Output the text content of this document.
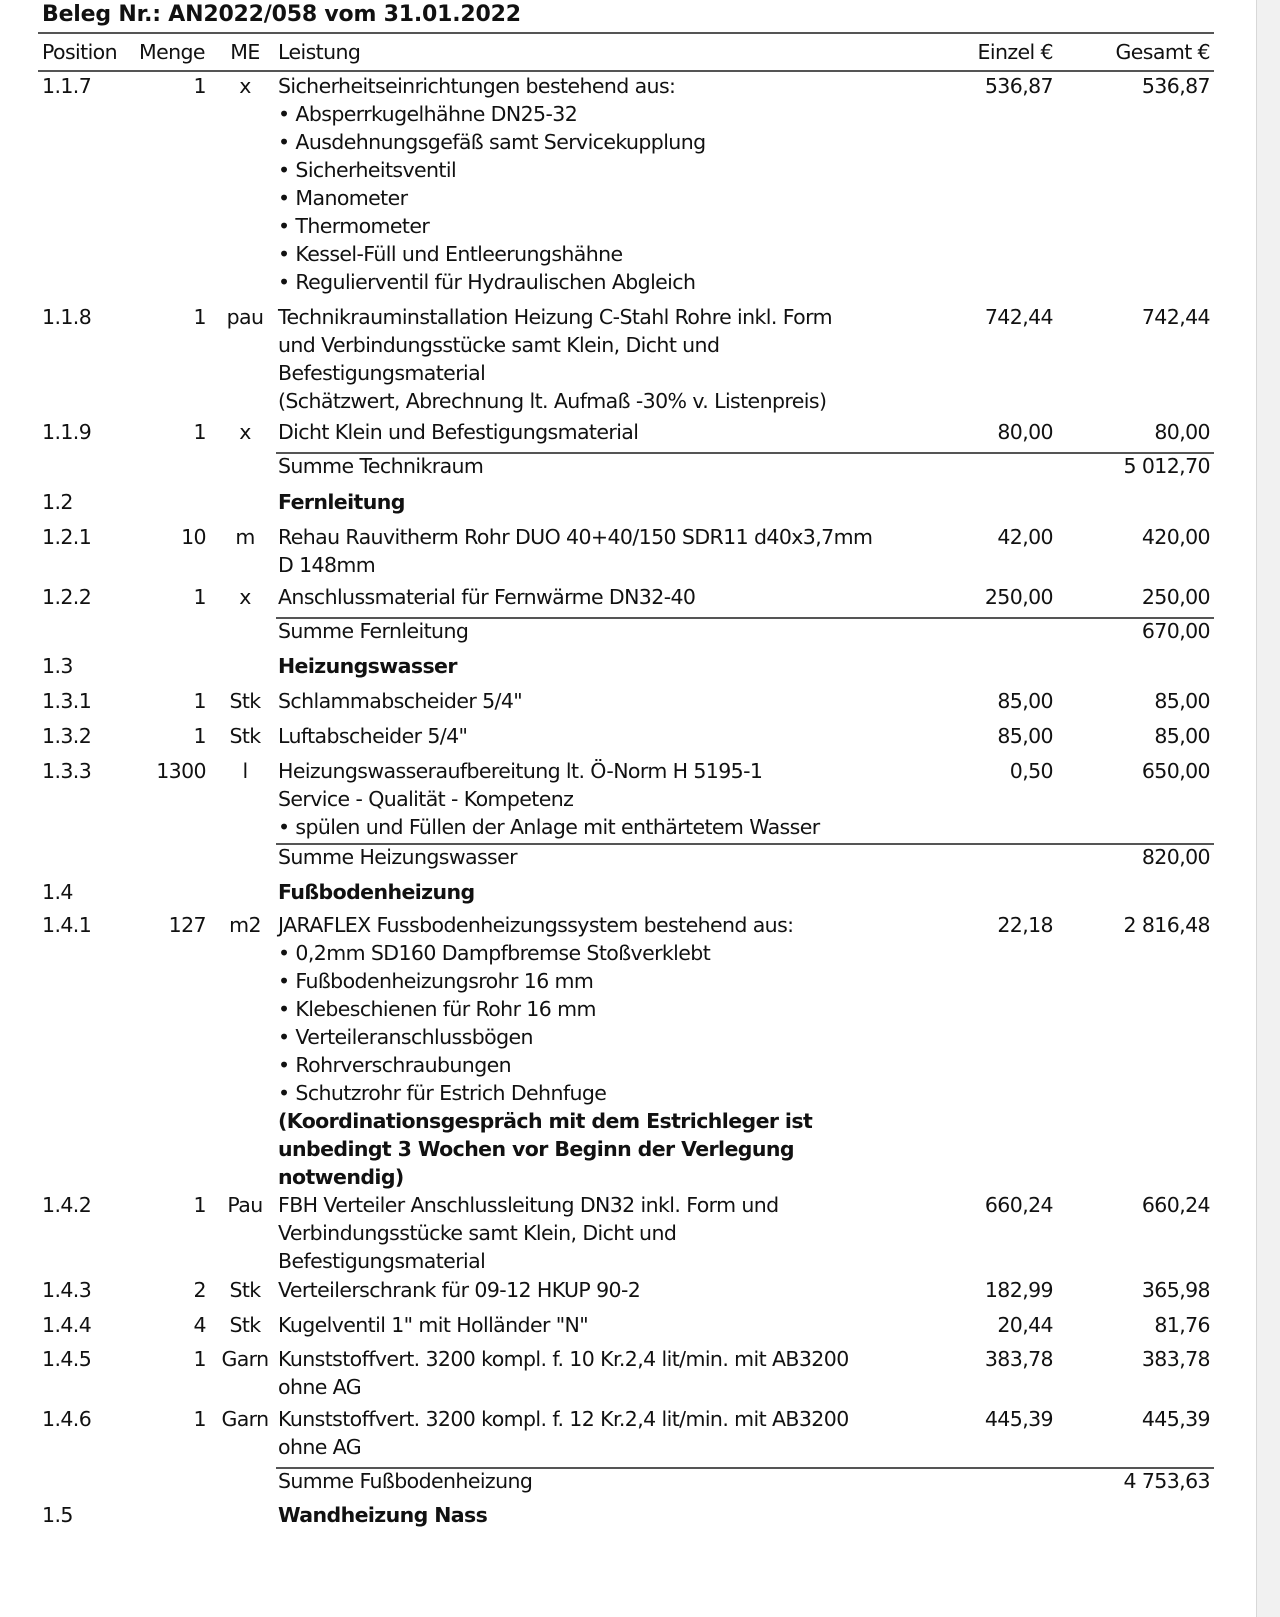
Beleg Nr.: AN2022/058 vom 31.01.2022
Position Menge	ME Leistung	Einzel €	Gesamt €
1.1.7	1	x	Sicherheitseinrichtungen bestehend aus:
• Absperrkugelhähne DN25-32
• Ausdehnungsgefäß samt Servicekupplung
• Sicherheitsventil
• Manometer
• Thermometer
• Kessel-Füll und Entleerungshähne
• Regulierventil für Hydraulischen Abgleich
536,87	536,87
1.1.8	1	pau Technikrauminstallation Heizung C-Stahl Rohre inkl. Form
und Verbindungsstücke samt Klein, Dicht und
Befestigungsmaterial
(Schätzwert, Abrechnung lt. Aufmaß -30% v. Listenpreis)
742,44	742,44
1.1.9	1	x	Dicht Klein und Befestigungsmaterial	80,00	80,00
Summe Technikraum	5 012,70
1.2	Fernleitung
1.2.1	10	m	Rehau Rauvitherm Rohr DUO 40+40/150 SDR11 d40x3,7mm
D 148mm
42,00	420,00
1.2.2	1	x	Anschlussmaterial für Fernwärme DN32-40	250,00	250,00
Summe Fernleitung	670,00
1.3	Heizungswasser
1.3.1	1	Stk Schlammabscheider 5/4"	85,00	85,00
1.3.2	1	Stk Luftabscheider 5/4"	85,00	85,00
1.3.3	1300	l	Heizungswasseraufbereitung lt. Ö-Norm H 5195-1
Service - Qualität - Kompetenz
• spülen und Füllen der Anlage mit enthärtetem Wasser
0,50	650,00
Summe Heizungswasser	820,00
1.4	Fußbodenheizung
1.4.1	127	m2 JARAFLEX Fussbodenheizungssystem bestehend aus:
• 0,2mm SD160 Dampfbremse Stoßverklebt
• Fußbodenheizungsrohr 16 mm
• Klebeschienen für Rohr 16 mm
• Verteileranschlussbögen
• Rohrverschraubungen
• Schutzrohr für Estrich Dehnfuge
(Koordinationsgespräch mit dem Estrichleger ist
unbedingt 3 Wochen vor Beginn der Verlegung
notwendig)
22,18	2 816,48
1.4.2	1	Pau FBH Verteiler Anschlussleitung DN32 inkl. Form und
Verbindungsstücke samt Klein, Dicht und
Befestigungsmaterial
660,24	660,24
1.4.3	2	Stk Verteilerschrank für 09-12 HKUP 90-2	182,99	365,98
1.4.4	4	Stk Kugelventil 1" mit Holländer "N"	20,44	81,76
1.4.5	1 Garn Kunststoffvert. 3200 kompl. f. 10 Kr.2,4 lit/min. mit AB3200
ohne AG
383,78	383,78
1.4.6	1 Garn Kunststoffvert. 3200 kompl. f. 12 Kr.2,4 lit/min. mit AB3200
ohne AG
445,39	445,39
Summe Fußbodenheizung	4 753,63
1.5	Wandheizung Nass
